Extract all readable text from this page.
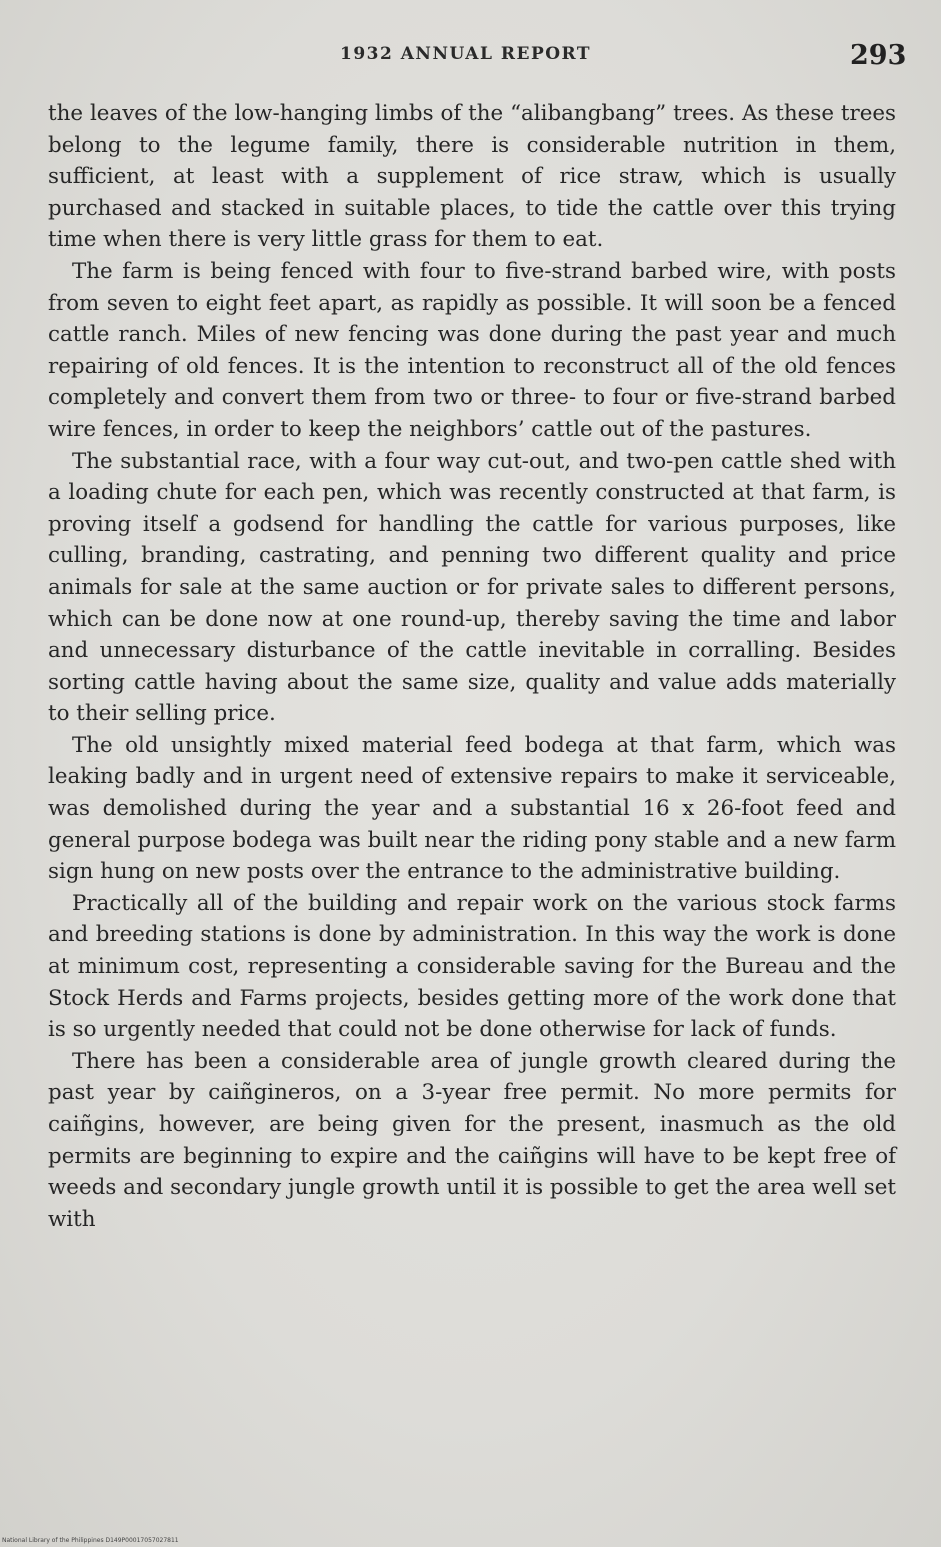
1932 ANNUAL REPORT	293

the leaves of the low-hanging limbs of the “alibangbang” trees. As these trees belong to the legume family, there is considerable nutrition in them, sufficient, at least with a supplement of rice straw, which is usually purchased and stacked in suitable places, to tide the cattle over this trying time when there is very little grass for them to eat.

The farm is being fenced with four to five-strand barbed wire, with posts from seven to eight feet apart, as rapidly as possible. It will soon be a fenced cattle ranch. Miles of new fencing was done during the past year and much repairing of old fences. It is the intention to reconstruct all of the old fences completely and convert them from two or three- to four or five-strand barbed wire fences, in order to keep the neighbors’ cattle out of the pastures.

The substantial race, with a four way cut-out, and two-pen cattle shed with a loading chute for each pen, which was recently constructed at that farm, is proving itself a godsend for handling the cattle for various purposes, like culling, branding, castrating, and penning two different quality and price animals for sale at the same auction or for private sales to different persons, which can be done now at one round-up, thereby saving the time and labor and unnecessary disturbance of the cattle inevitable in corralling. Besides sorting cattle having about the same size, quality and value adds materially to their selling price.

The old unsightly mixed material feed bodega at that farm, which was leaking badly and in urgent need of extensive repairs to make it serviceable, was demolished during the year and a substantial 16 x 26-foot feed and general purpose bodega was built near the riding pony stable and a new farm sign hung on new posts over the entrance to the administrative building.

Practically all of the building and repair work on the various stock farms and breeding stations is done by administration. In this way the work is done at minimum cost, representing a considerable saving for the Bureau and the Stock Herds and Farms projects, besides getting more of the work done that is so urgently needed that could not be done otherwise for lack of funds.

There has been a considerable area of jungle growth cleared during the past year by caiñgineros, on a 3-year free permit. No more permits for caiñgins, however, are being given for the present, inasmuch as the old permits are beginning to expire and the caiñgins will have to be kept free of weeds and secondary jungle growth until it is possible to get the area well set with

National Library of the Philippines D149P00017057027811
